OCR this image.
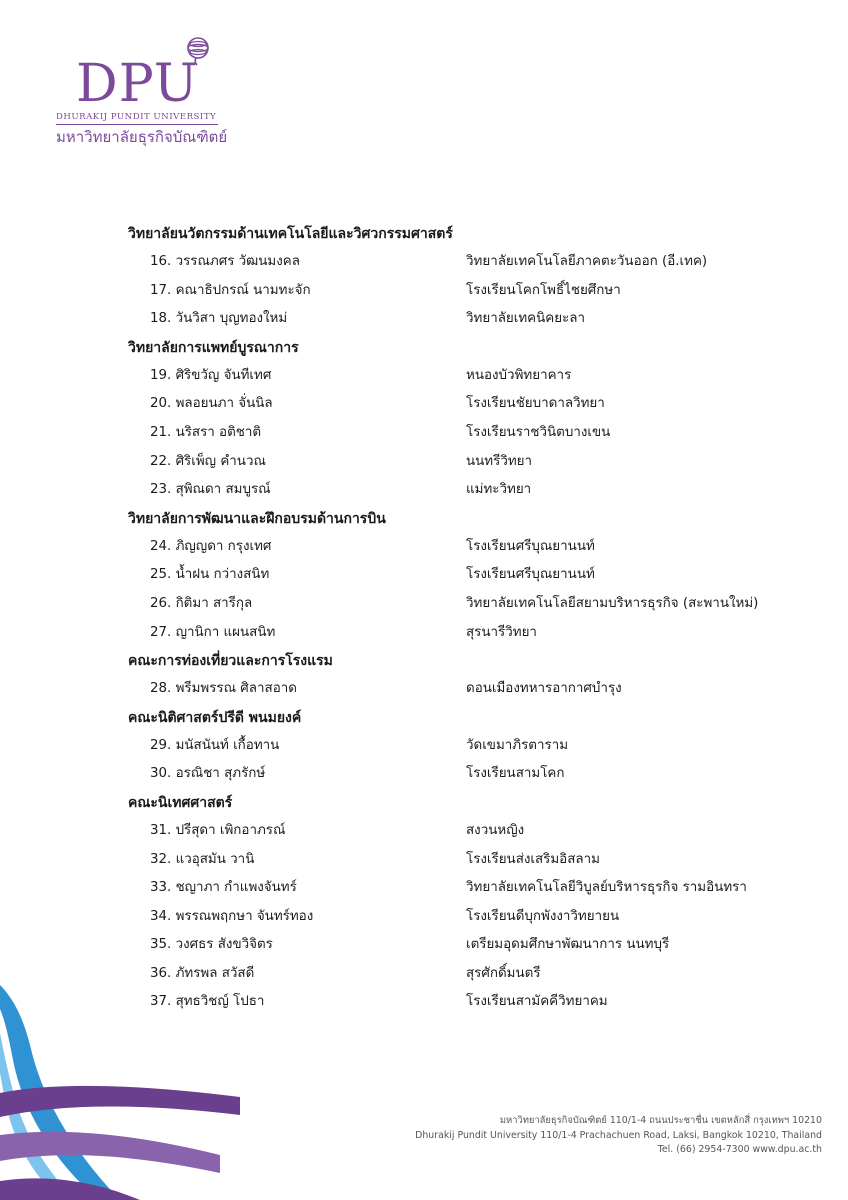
DPU
DHURAKIJ PUNDIT UNIVERSITY
มหาวิทยาลัยธุรกิจบัณฑิตย์
วิทยาลัยนวัตกรรมด้านเทคโนโลยีและวิศวกรรมศาสตร์
16. วรรณภศร วัฒนมงคล	วิทยาลัยเทคโนโลยีภาคตะวันออก (อี.เทค)
17. คณาธิปกรณ์ นามทะจัก	โรงเรียนโคกโพธิ์ไชยศึกษา
18. วันวิสา บุญทองใหม่	วิทยาลัยเทคนิคยะลา
วิทยาลัยการแพทย์บูรณาการ
19. ศิริขวัญ จันทีเทศ	หนองบัวพิทยาคาร
20. พลอยนภา จั่นนิล	โรงเรียนชัยบาดาลวิทยา
21. นริสรา อติชาติ	โรงเรียนราชวินิตบางเขน
22. ศิริเพ็ญ คำนวณ	นนทรีวิทยา
23. สุพิณดา สมบูรณ์	แม่ทะวิทยา
วิทยาลัยการพัฒนาและฝึกอบรมด้านการบิน
24. ภิญญดา กรุงเทศ	โรงเรียนศรีบุณยานนท์
25. น้ำฝน กว่างสนิท	โรงเรียนศรีบุณยานนท์
26. กิติมา สารีกุล	วิทยาลัยเทคโนโลยีสยามบริหารธุรกิจ (สะพานใหม่)
27. ญานิกา แผนสนิท	สุรนารีวิทยา
คณะการท่องเที่ยวและการโรงแรม
28. พรีมพรรณ ศิลาสอาด	ดอนเมืองทหารอากาศบำรุง
คณะนิติศาสตร์ปรีดี พนมยงค์
29. มนัสนันท์ เกื้อทาน	วัดเขมาภิรตาราม
30. อรณิชา สุภรักษ์	โรงเรียนสามโคก
คณะนิเทศศาสตร์
31. ปรีสุดา เพิกอาภรณ์	สงวนหญิง
32. แวอุสมัน วานิ	โรงเรียนส่งเสริมอิสลาม
33. ชญาภา กำแพงจันทร์	วิทยาลัยเทคโนโลยีวิบูลย์บริหารธุรกิจ รามอินทรา
34. พรรณพฤกษา จันทร์ทอง	โรงเรียนดีบุกพังงาวิทยายน
35. วงศธร สังขวิจิตร	เตรียมอุดมศึกษาพัฒนาการ นนทบุรี
36. ภัทรพล สวัสดี	สุรศักดิ์มนตรี
37. สุทธวิชญ์ โปธา	โรงเรียนสามัคคีวิทยาคม
มหาวิทยาลัยธุรกิจบัณฑิตย์ 110/1-4 ถนนประชาชื่น เขตหลักสี่ กรุงเทพฯ 10210
Dhurakij Pundit University 110/1-4 Prachachuen Road, Laksi, Bangkok 10210, Thailand
Tel. (66) 2954-7300 www.dpu.ac.th
